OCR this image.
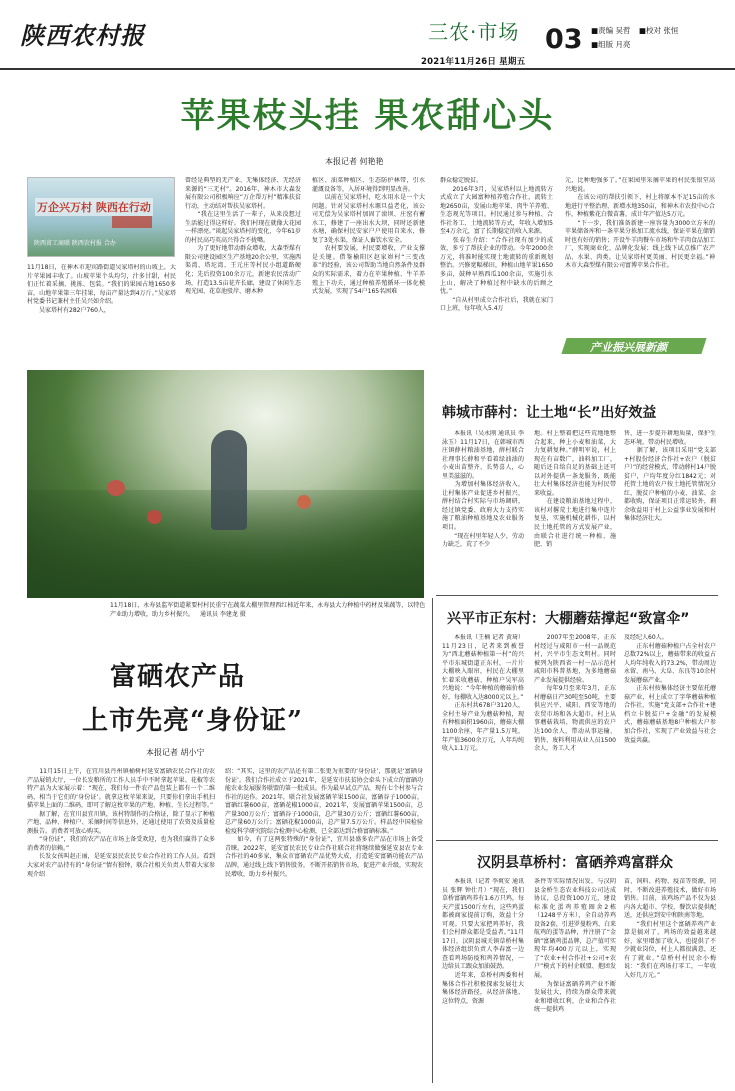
陕西农村报	三农·市场 03
2021年11月26日 星期五
■责编 吴哲 ■校对 张恒
■组版 月亮
苹果枝头挂 果农甜心头
本报记者 何艳艳
万企兴万村 陕西在行动
陕西省工商联 陕西农村报 合办
11月18日，在神木市迎宾路街道吴家塔村的山坡上，大片苹果园丰收了。山坡苹果个头均匀，汁多甘甜，村民们正忙着采摘、挑拣、包装。“我们的果园占地1650多亩，山地苹果第三年挂果，每亩产量达到4万斤。”吴家塔村党委书记兼村主任吴兴如介绍。
　　吴家塔村有282户760人，
曾经是典型的无产业、无集体经济、无经济来源的“三无村”。2016年，神木市大森发展有限公司积极响应“万企帮万村”精准扶贫行动，主动结对帮扶吴家塔村。
　　“我在这里生活了一辈子，从来没想过生活能过得这样好。我们村现在就像大花园一样漂亮。”谈起吴家塔村的变化，今年61岁的村民高巧英高兴得合不拢嘴。
　　为了更好地带动群众增收，大森型煤有限公司建设园区生产基地20余公里，实施西渠湾、塔坨湾、王元庄等村民小组道路硬化；先后投资100余万元，新建农民活动广场，打造13.5亩花卉长廊，建设了休闲生态观光园、花草池驳岸、磨木种
植区、油菜种植区、生态防护林带，引水灌溉设备等，入居环境得到明显改善。
　　以前在吴家塔村，吃水用水是一个大问题。针对吴家塔村水塬旦益老化，该公司无偿为吴家塔村加固了滚坝、庄窑有蓄水工，修建了一座出水大坝，同时还新建水塘，确保村民安家户户使用自来水，修复了3处水渠，保证人畜饮水安全。
　　农村要发展，村民要增收，产业支撑是关键。借鉴榆阳区赵家峁村“三变改革”的经验，该公司帮助当地自然条件及群众的实际需求，着力在苹果种植、牛羊养殖上下功夫，通过种植养殖循环一体化模式发展，实现了54户165名困难
群众稳定脱贫。
　　2016年3月，吴家塔村以上地流转方式成立了大园富种植养殖合作社，流转土地2650亩，发展山地苹果、肉牛羊养殖、生态观光等项目，村民通过参与种植、合作社务工、土地流转等方式，年收入增加5至4万余元，富了长期稳定的收入来源。
　　张春生介绍：“合作社现有加少的成效，多亏了帮扶企业的带动。今年2000余万元，将准时能实现土地流转的重新规划整治。兴修宽幅梯田，种植山地苹果1650多亩，鼓种早熟西瓜100余亩，实施引水上山，解决了种植过程中缺水的后顾之忧。”
　　“自从村里成立合作社后，我就在家门口上班，每年收入5.4万
元，比种地强多了。”在果园里采摘苹果的村民张银堂高兴地说。
　　在该公司的帮扶引领下，村上将原本不足15亩的水地进行平整治理，新增水地350亩，和神木市农投中心合作，种植紫花白微苗薯，成计年产值达5万元。
　　“下一步，我们准备新建一座容量为3000立方米的苹果储备库和一条苹果分拣加工流水线，保证苹果在储销时也有好的销售；开设牛羊肉餐车市场和牛羊肉食品加工厂，实现商业化、品牌化发展；线上线下试点推广农产品、水果、肉类。让吴家塔村更美丽、村民更幸福。”神木市大森型煤有限公司富博苹果合作社。
产业振兴展新颜
11月18日，永寿县监军街道紧要村村民重宁在蔬菜大棚里管理西红柿近年来，永寿县大力种植中药材及果蔬等，以特色产业助力增收，助力乡村振兴。 通讯员 李建龙 摄
韩城市薛村：让土地“长”出好效益
　　本报讯（吴永刚 通讯员 李泳玉）11月17日，在韩城市西庄镇薛村粮油基地，薛村联合社理事长薛和平看着绿油油的小麦出苗整齐、长势喜人，心里美滋滋的。
　　为增加村集体经济收入，让村集体产业促进乡村振兴，薛村结合村实际与市场调研，经过镇党委、政府大力支持实施了粮油种植基地及农业服务项目。
　　“现在村里年轻人少，劳动力缺乏，荒了不少
地。村上整着把这些荒地地整合起来，种上小麦和油菜，大力复耕复种。”薛明军说，村上现在有亩数广，油料加工厂，随后还自给自足的基础上还可以对外提供一条龙服务，既能壮大村集体经济也能为村民带来收益。
　　在建设粮油基地过程中，该村对撂荒土地进行集中连片复垦，实施机械化耕作，以村民土地托管的方式发展产业，由联合社进行统一种植、施肥、销
售，进一步提升耕地质量，保护生态环境，带动村民增收。
　　据了解，该项目采用“党支部+村股份经济合作社+农户（脱贫户）”的经营模式，带动薛村14户脱贫户，户均年度分红1842元；对托管土地的农户按土地托管情况分红，脱贫户种植的小麦、油菜、金都收购，保证项目正常运转外，剩余收益用于村上公益事业发展和村集体经济壮大。
兴平市正东村：大棚蘑菇撑起“致富伞”
　　本报讯（王楠 记者 黄琦）11月23日，记者来到被誉为“西北蘑菇种植第一村”的兴平市东城街道正东村，一片片大棚映入眼帘，村民在大棚里忙着采收蘑菇、种植户吴军高兴地说：“今年种植的蘑菇价格好，每棚收入达8000元以上。”
　　正东村共678户3120人，全村主导产业为蘑菇种植，现有种植面积1960亩，蘑菇大棚1100余座，年产量1.5万吨，年产值3600余万元，人年均纯收入1.1万元。
　　2007年至2008年，正东村经过与咸阳市一村一品规范村，兴平市生态文明村。同时被列为陕西省一村一品示范村咸阳市科普基地，为多地蘑菇产业发展提供经验。
　　每年9月至来年3月，正东村蘑菇日产30吨至50吨，主要供应兴平、咸阳、西安等地的农贸市场和各大超市。村上从事蘑菇栽培、物流供应的农户达100余人，带动从事运输、销售、废料利用从业人员1500余人，务工人才
及经纪人60人。
　　正东村蘑菇种植户占全村农户总数72%以上，蘑菇带来的收益占人均年纯收入的73.2%，带动周边永留、南马、大阜、东良等10余村发展蘑菇产业。
　　正东村按集体经济主要依托蘑菇产业，村上成立了字华蘑菇种植合作社，实施“党支部+合作社+建档立卡脱贫户+金融”的发展模式，蘑菇蘑菇基地8户种植大户参加合作社，实现了产业效益与社会效益共赢。
汉阴县草桥村：富硒养鸡富群众
　　本报讯（记者 李爽安 通讯员 张辉 钟仕月）“现在，我们草桥富硒鸡养有1.6万只鸡，每天产蛋1500斤左右，这些鸡蛋都被商家提前订购，效益十分可观。只要大家把鸡养好，我们会村群众都是受益者。”11月17日，汉阴县城关镇草桥村集体经济组织负责人李春富一边查看鸡场防疫和鸡养情况，一边给员工跟众加油鼓劲。
　　近年来，草桥村两委和村集体合作社积极探索发展壮大集体经济路径，从经济落地、这位特点，资源
条件等实际情况出发，与汉阴县金桥生态农业科技公司达成协议，总投资100万元，建设标准化蛋鸡养殖圈舍2栋（1248平方米），全自动养鸡设备2套，引进罗曼粉鸡、白来航鸡的蛋等品种，并注册了“金硒”富硒鸡蛋品牌，总产值可实现年均400万元以上，实现了“农业+村合作社+公司+农户”模式下的村企联盟、抱团发展。
　　为保证富硒养鸡产业不断发展壮大，持续为群众带来就业和增收红利，企业和合作社统一提供鸡
苗、饲料、药物、疫苗等资源，同时，不断改进养殖技术，做好市场销售。目前，该鸡场产品不仅为县内各大超市、学校、餐饮店提供配送，还供应到安中和陕南等地。
　　“我们村里这个富硒养鸡产业算是搞对了，鸡场的效益越来越好，家里增加了收入，也提供了不少就业岗位，村上人都很满意，还有了就业。”草桥村村民余小梅说：“我们在鸡场打零工，一年收入好几万元。”
富硒农产品
上市先亮“身份证”
本报记者 胡小宁
　　11月15日上午，在宜川县丹州镇桶树村延安富硒农民合作社的农产品展销大厅，一位长发粮所的工作人员手中不时拿起苹果、花椒等农特产品为大家展示着：“现在，我们每一件农产品包装上都有一个二维码，相当于它们的‘身份证’。就拿这枚苹果来说，只要你们拿出手机扫描苹果上面的二维码，即可了解这枚苹果的产地、种植、生长过程等。”
　　据了解，在宜川县宜川镇，该村特制作的合格证，除了显示了种植产地、品种、种植户、采摘时间等信息外，还通过使用了农资及质量检测报告。消费者可放心购买。
　　“身份证”，我们的农产品在市场上备受欢迎，也为我们赢得了众多消费者的信赖。”
　　长发女孩叫赵正丽，是延安县民农民专业合作社的工作人员。看到大家对农产品持有的“身份证”情有独钟，联合社相关负责人带着大家参观介绍
绍：“其实，这里的农产品还有第二张更为重要的‘身份证’，那就是‘富硒身份证’。我们合作社成立于2021年，是延安市扶贫协会牵头下成立的富硒功能农业发展服务联盟的第一批成员。作为最早试点产品，现有七个村参与合作社的运作。2021年，联合社发展富硒苹果1500亩，富硒谷子1000亩，富硒红薯600亩，富硒花椒1000亩，2021年，发展富硒苹果1500亩，总产量300万公斤；富硒谷子1000亩，总产量30万公斤；富硒红薯600亩，总产量60万公斤；富硒花椒1000亩，总产量7.5万公斤。样品经中国检验检疫科学研究院综合检测中心检测，已全部达到合格富硒标准。”
　　如今，有了这两张特殊的“身份证”，宜川县盛多农产品在市场上备受青睐。2022年，延安富民农民专业合作社联合社将继续做强延安县农专业合作社的40多家，集众市富硒农产品优势大成，打造延安富硒功能农产品品牌，通过线上线下销售股务，不断开拓销售市场，促进产业升级，实现农民增收，助力乡村振兴。
